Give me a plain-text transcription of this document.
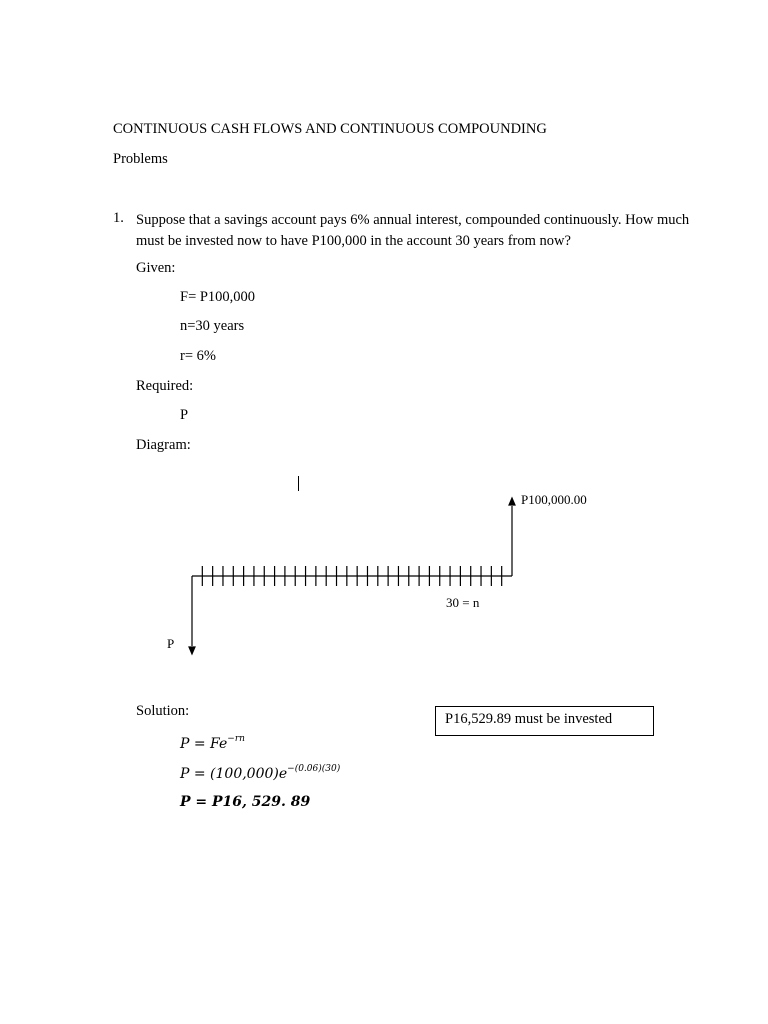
CONTINUOUS CASH FLOWS AND CONTINUOUS COMPOUNDING
Problems
1. Suppose that a savings account pays 6% annual interest, compounded continuously. How much must be invested now to have P100,000 in the account 30 years from now?
Given:
F= P100,000
n=30 years
r= 6%
Required:
P
Diagram:
P100,000.00
30 = n
P
Solution:	P16,529.89 must be invested
$P = Fe^{-rn}$
$P = (100,000)e^{-(0.06)(30)}$
P = P16, 529. 89
